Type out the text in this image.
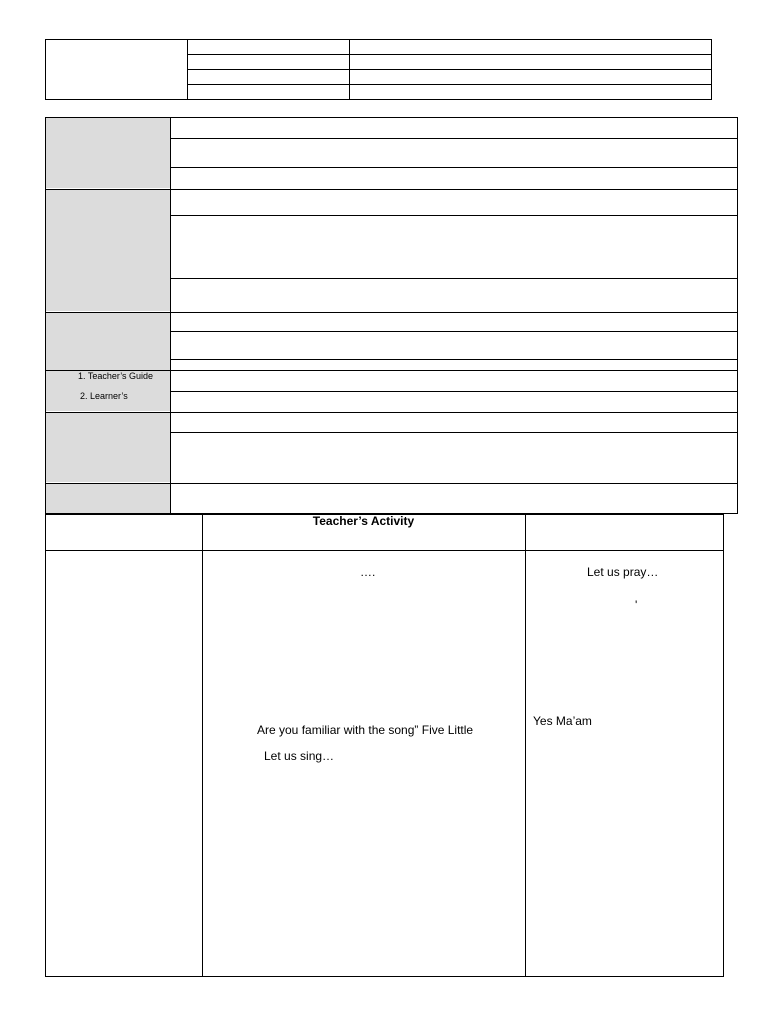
1. Teacher’s Guide
2. Learner’s
Teacher’s Activity
….
Are you familiar with the song” Five Little
Let us sing…
Let us pray…
'
Yes Ma’am
